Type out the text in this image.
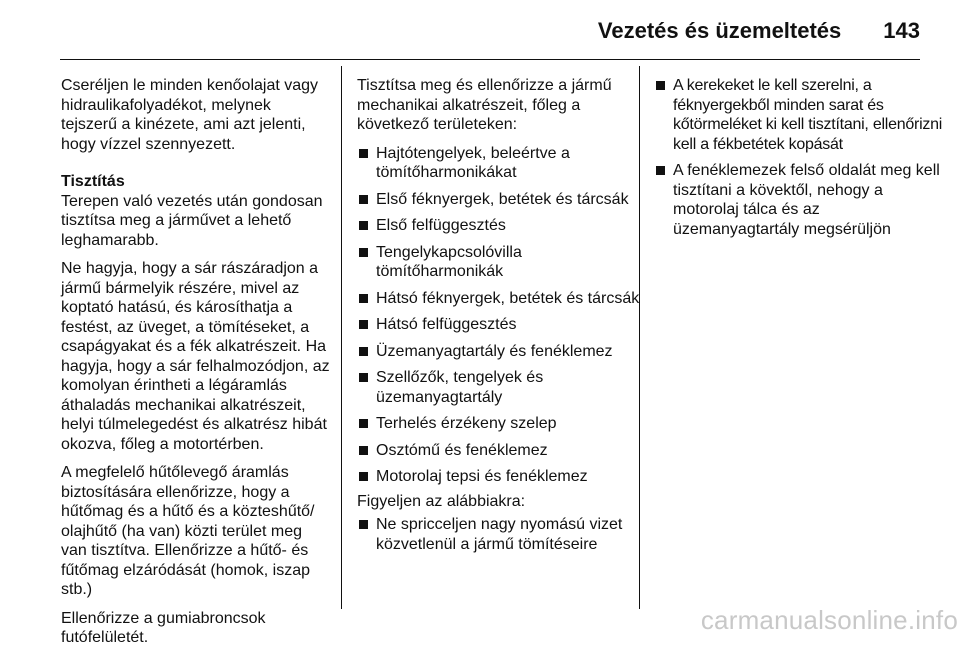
Vezetés és üzemeltetés 143

Cseréljen le minden kenőolajat vagy hidraulikafolyadékot, melynek tejszerű a kinézete, ami azt jelenti, hogy vízzel szennyezett.

Tisztítás

Terepen való vezetés után gondosan tisztítsa meg a járművet a lehető leghamarabb.

Ne hagyja, hogy a sár rászáradjon a jármű bármelyik részére, mivel az koptató hatású, és károsíthatja a festést, az üveget, a tömítéseket, a csapágyakat és a fék alkatrészeit. Ha hagyja, hogy a sár felhalmozódjon, az komolyan érintheti a légáramlás áthaladás mechanikai alkatrészeit, helyi túlmelegedést és alkatrész hibát okozva, főleg a motortérben.

A megfelelő hűtőlevegő áramlás biztosítására ellenőrizze, hogy a hűtőmag és a hűtő és a közteshűtő/ olajhűtő (ha van) közti terület meg van tisztítva. Ellenőrizze a hűtő- és fűtőmag elzáródását (homok, iszap stb.)

Ellenőrizze a gumiabroncsok futófelületét.

Tisztítsa meg és ellenőrizze a jármű mechanikai alkatrészeit, főleg a következő területeken:

Hajtótengelyek, beleértve a tömítőharmonikákat
Első féknyergek, betétek és tárcsák
Első felfüggesztés
Tengelykapcsolóvilla tömítőharmonikák
Hátsó féknyergek, betétek és tárcsák
Hátsó felfüggesztés
Üzemanyagtartály és fenéklemez
Szellőzők, tengelyek és üzemanyagtartály
Terhelés érzékeny szelep
Osztómű és fenéklemez
Motorolaj tepsi és fenéklemez

Figyeljen az alábbiakra:

Ne spricceljen nagy nyomású vizet közvetlenül a jármű tömítéseire
A kerekeket le kell szerelni, a féknyergekből minden sarat és kőtörmeléket ki kell tisztítani, ellenőrizni kell a fékbetétek kopását
A fenéklemezek felső oldalát meg kell tisztítani a kövektől, nehogy a motorolaj tálca és az üzemanyagtartály megsérüljön
carmanualsonline.info
